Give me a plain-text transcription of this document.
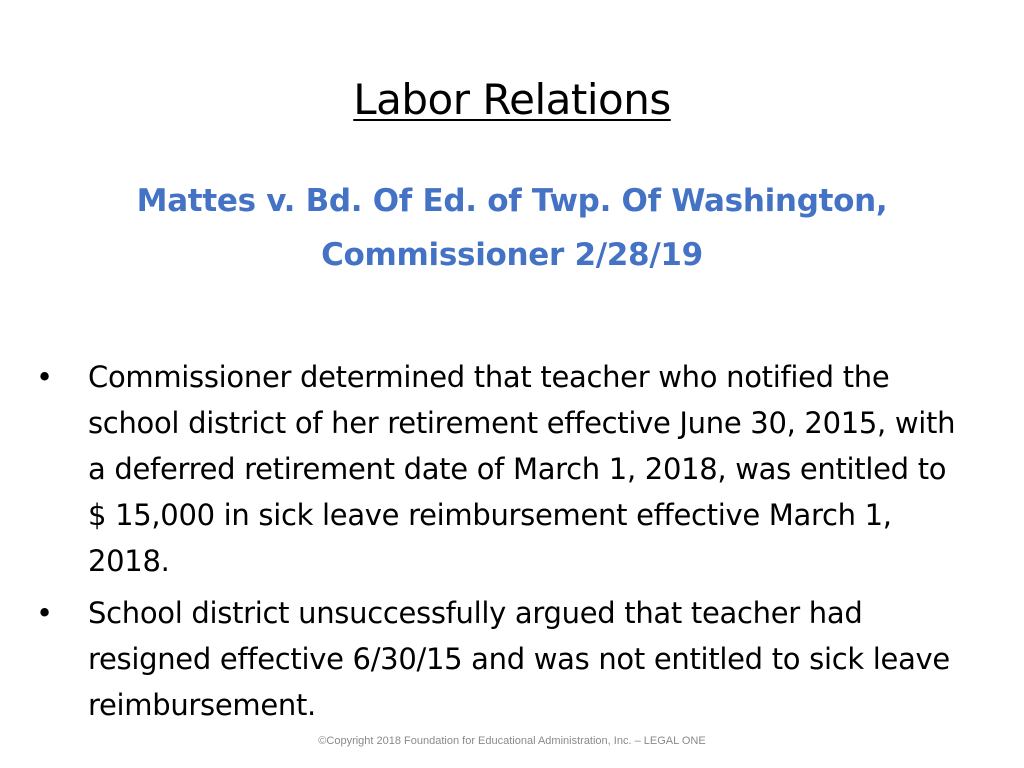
Labor Relations
Mattes v. Bd. Of Ed. of Twp. Of Washington, Commissioner 2/28/19
• Commissioner determined that teacher who notified the school district of her retirement effective June 30, 2015, with a deferred retirement date of March 1, 2018, was entitled to $ 15,000 in sick leave reimbursement effective March 1, 2018.
• School district unsuccessfully argued that teacher had resigned effective 6/30/15 and was not entitled to sick leave reimbursement.
©Copyright 2018 Foundation for Educational Administration, Inc. – LEGAL ONE
